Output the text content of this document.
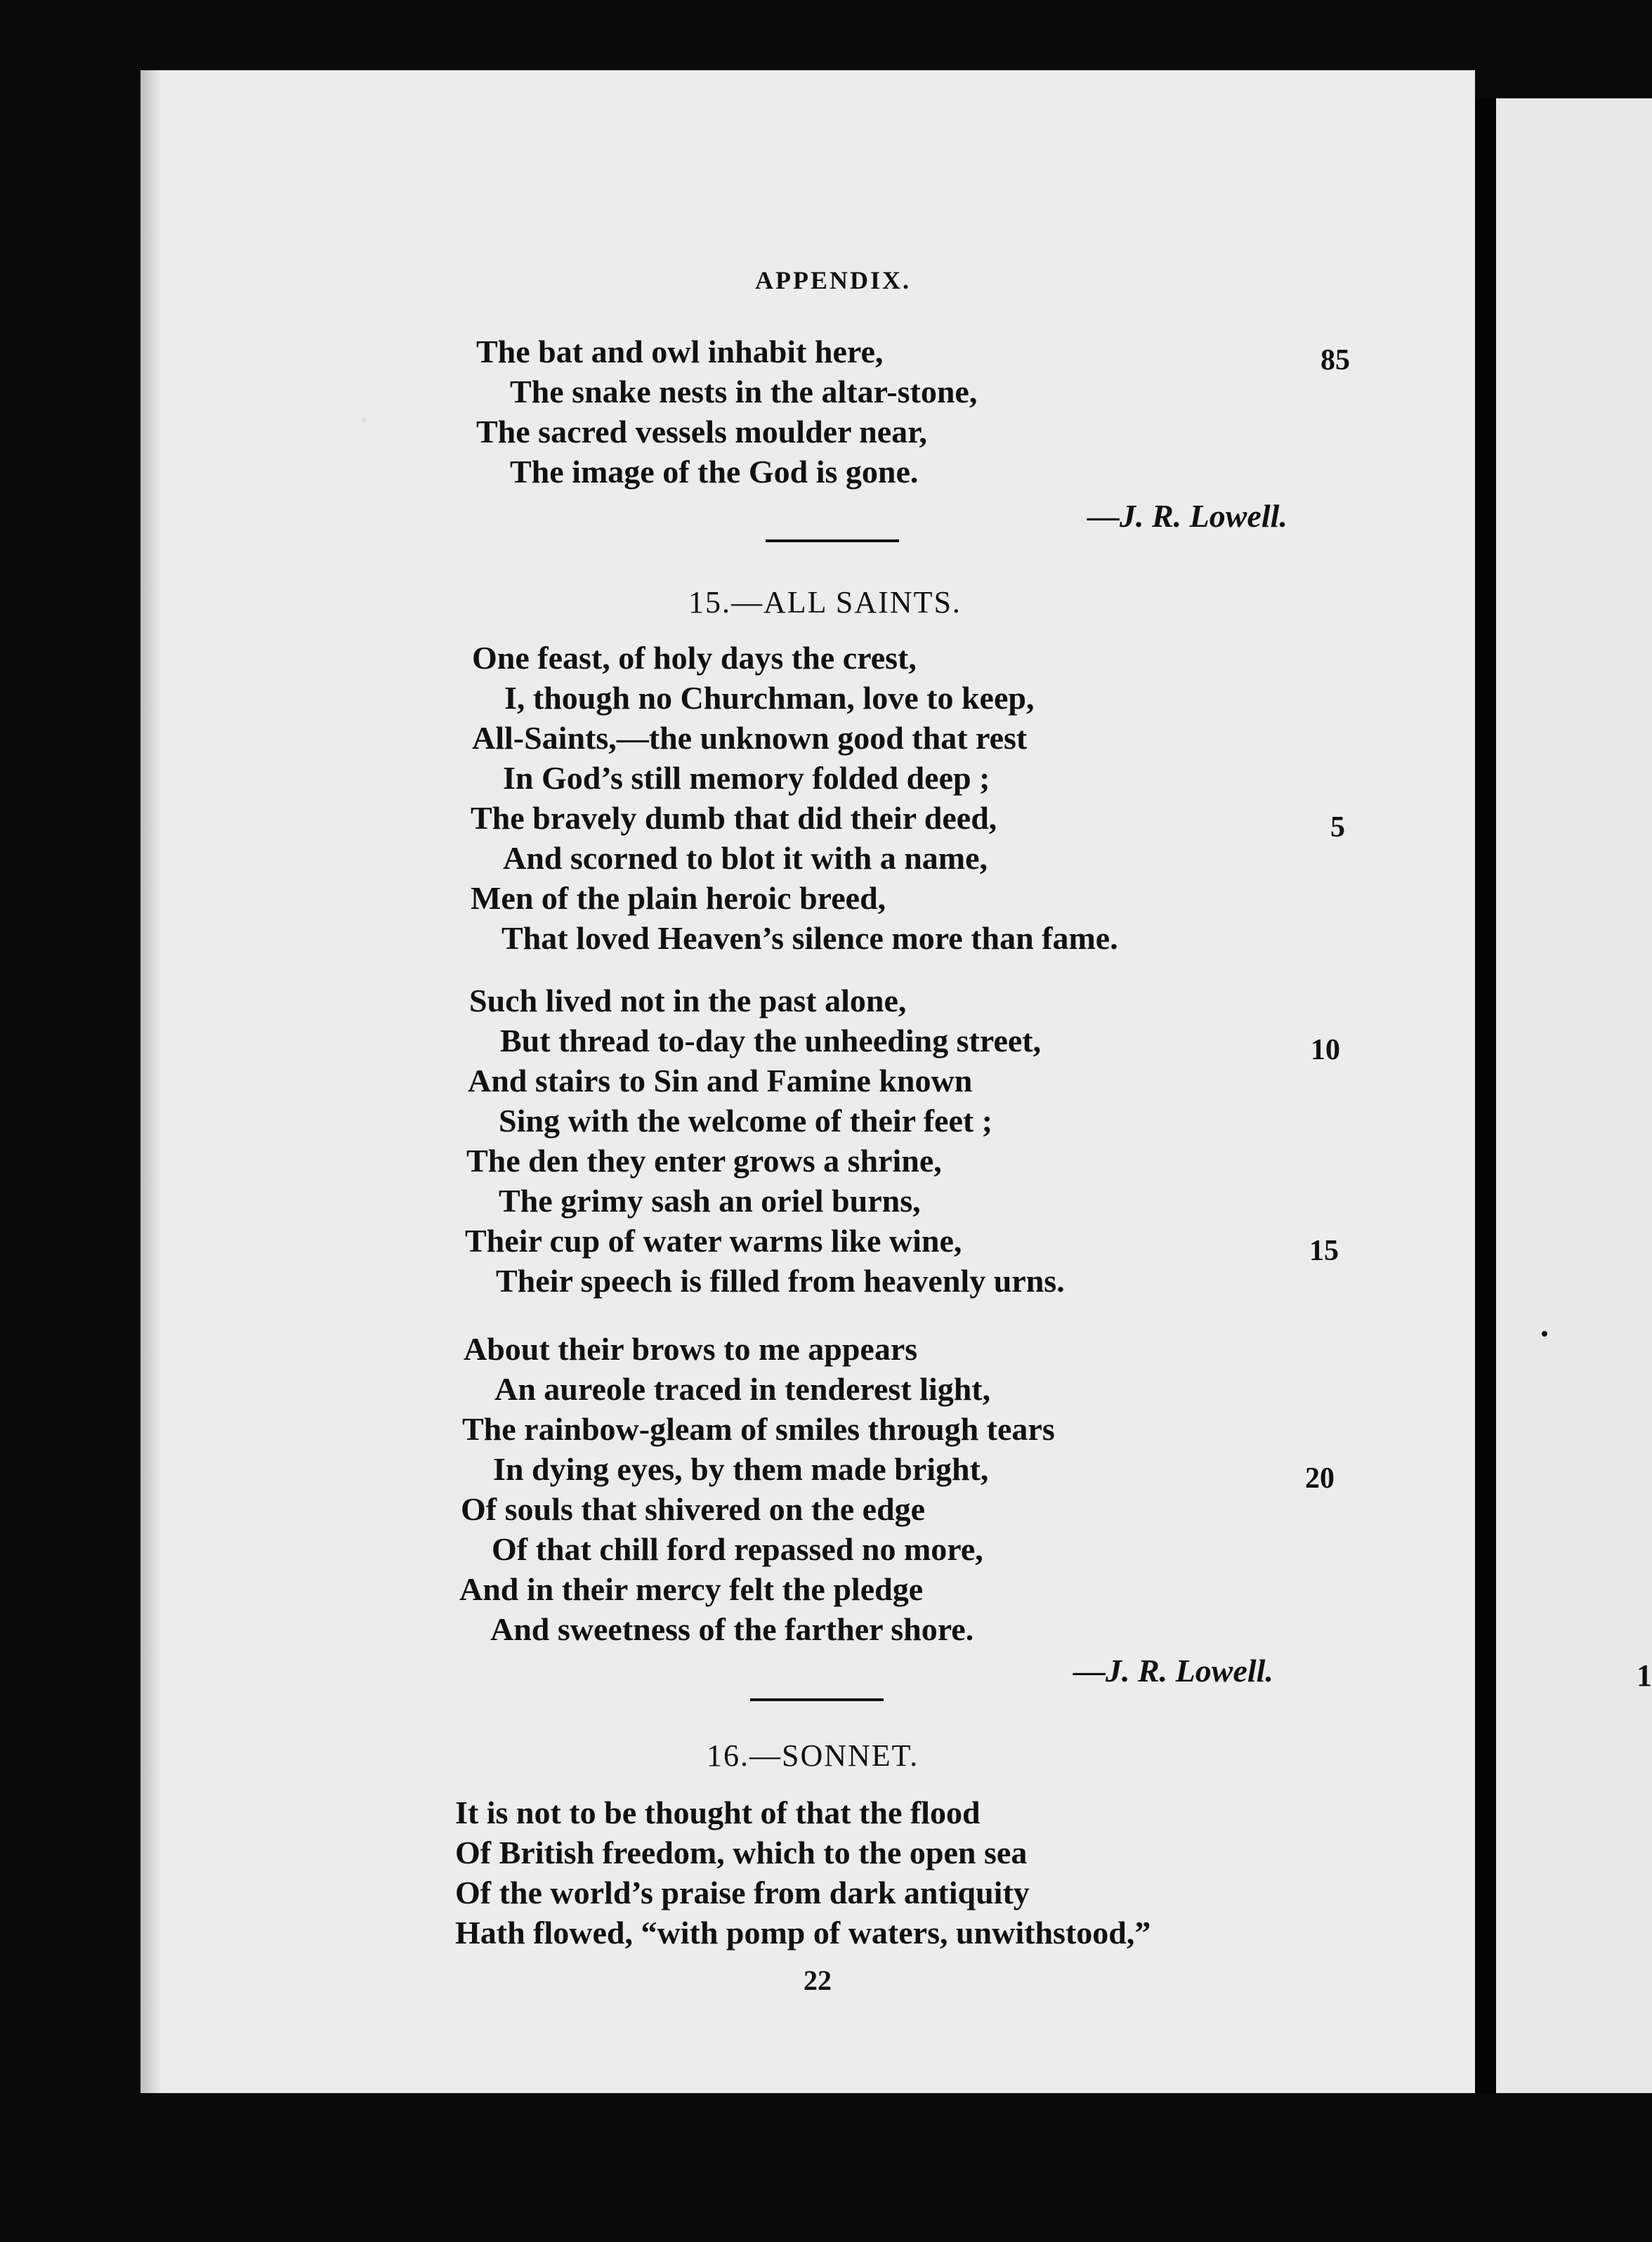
1
APPENDIX.
The bat and owl inhabit here,
The snake nests in the altar-stone,
The sacred vessels moulder near,
The image of the God is gone.
85
—J. R. Lowell.
15.—ALL SAINTS.
One feast, of holy days the crest,
I, though no Churchman, love to keep,
All-Saints,—the unknown good that rest
In God’s still memory folded deep ;
The bravely dumb that did their deed,
And scorned to blot it with a name,
Men of the plain heroic breed,
That loved Heaven’s silence more than fame.
5
Such lived not in the past alone,
But thread to-day the unheeding street,
And stairs to Sin and Famine known
Sing with the welcome of their feet ;
The den they enter grows a shrine,
The grimy sash an oriel burns,
Their cup of water warms like wine,
Their speech is filled from heavenly urns.
10
15
About their brows to me appears
An aureole traced in tenderest light,
The rainbow-gleam of smiles through tears
In dying eyes, by them made bright,
Of souls that shivered on the edge
Of that chill ford repassed no more,
And in their mercy felt the pledge
And sweetness of the farther shore.
20
—J. R. Lowell.
16.—SONNET.
It is not to be thought of that the flood
Of British freedom, which to the open sea
Of the world’s praise from dark antiquity
Hath flowed, “with pomp of waters, unwithstood,”
22
